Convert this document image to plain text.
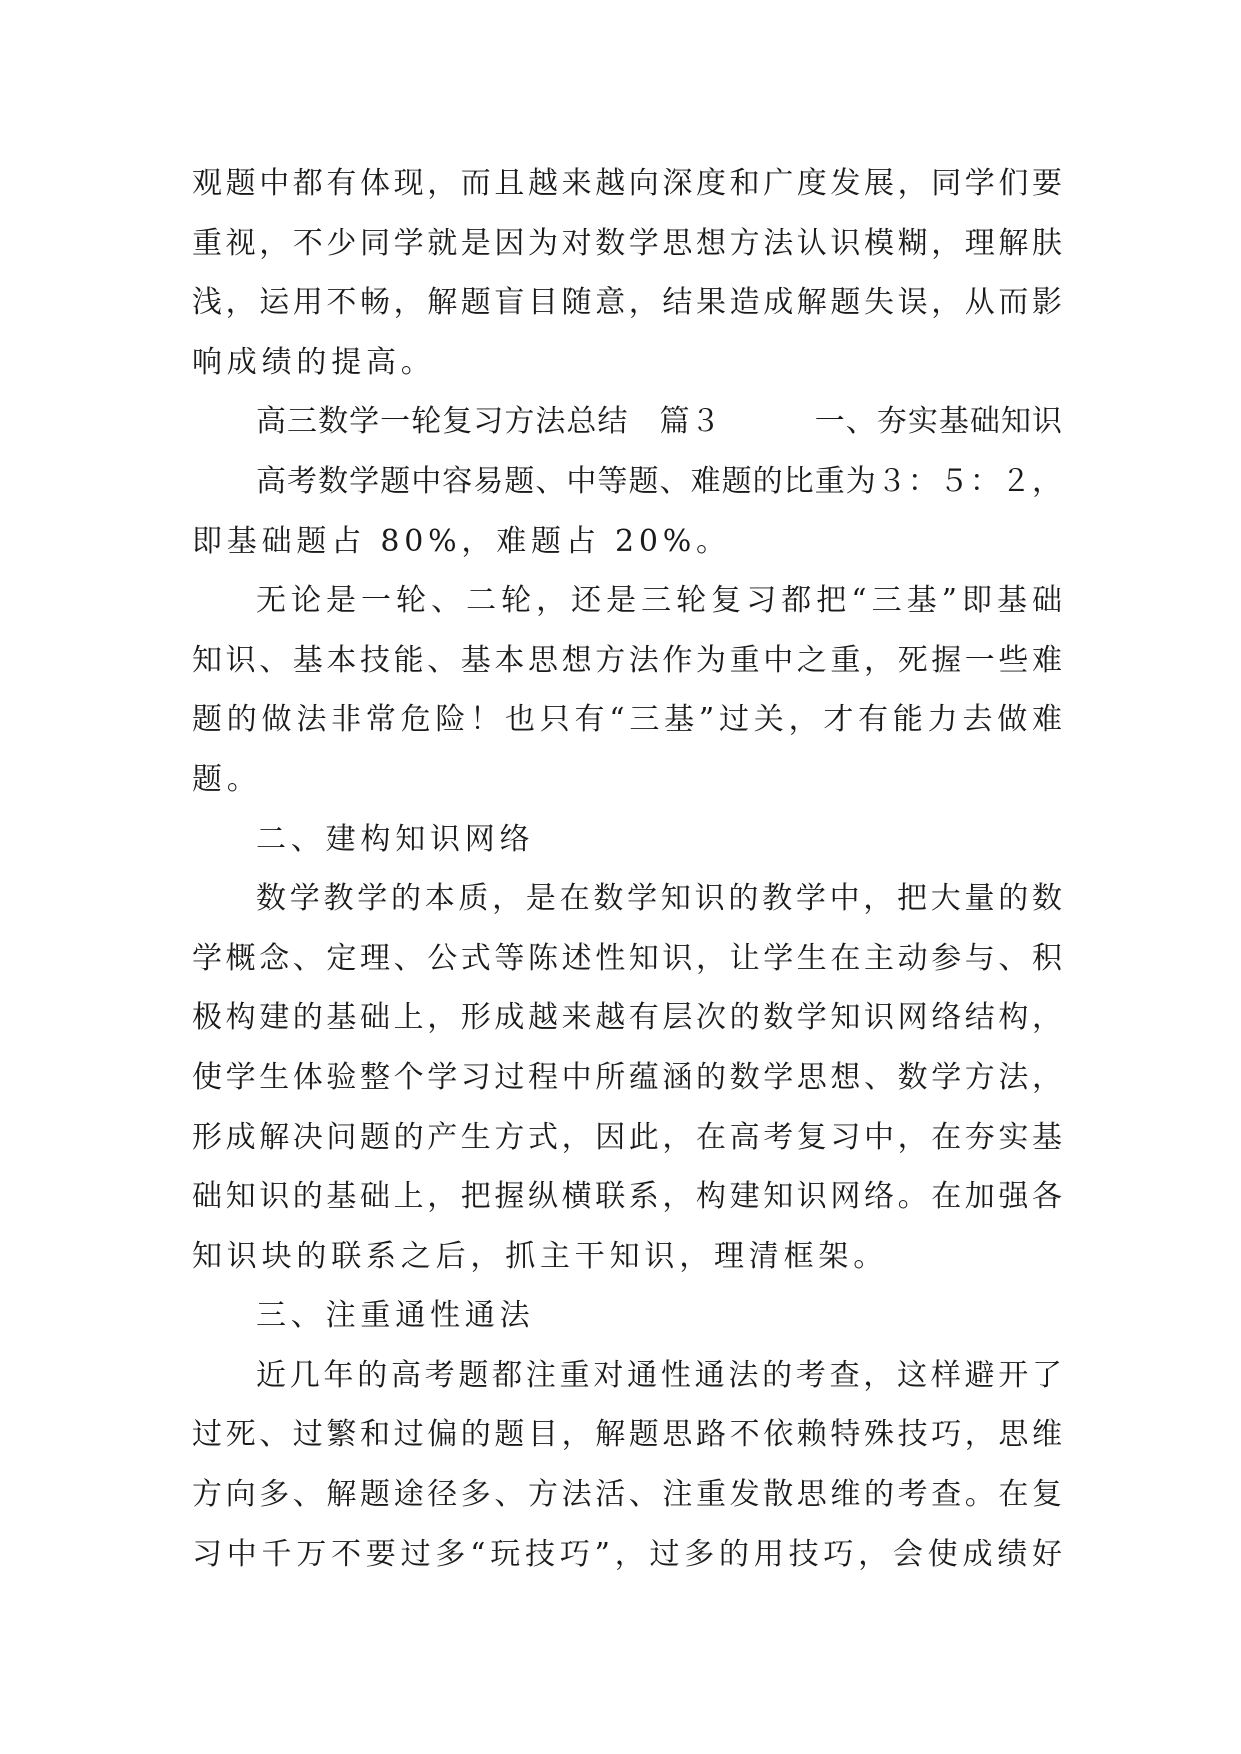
观题中都有体现，而且越来越向深度和广度发展，同学们要
重视，不少同学就是因为对数学思想方法认识模糊，理解肤
浅，运用不畅，解题盲目随意，结果造成解题失误，从而影
响成绩的提高。
高三数学一轮复习方法总结　篇３　　　一、夯实基础知识
高考数学题中容易题、中等题、难题的比重为３：５：２，
即基础题占 80%，难题占 20%。
无论是一轮、二轮，还是三轮复习都把“三基”即基础
知识、基本技能、基本思想方法作为重中之重，死握一些难
题的做法非常危险！也只有“三基”过关，才有能力去做难
题。
二、建构知识网络
数学教学的本质，是在数学知识的教学中，把大量的数
学概念、定理、公式等陈述性知识，让学生在主动参与、积
极构建的基础上，形成越来越有层次的数学知识网络结构，
使学生体验整个学习过程中所蕴涵的数学思想、数学方法，
形成解决问题的产生方式，因此，在高考复习中，在夯实基
础知识的基础上，把握纵横联系，构建知识网络。在加强各
知识块的联系之后，抓主干知识，理清框架。
三、注重通性通法
近几年的高考题都注重对通性通法的考查，这样避开了
过死、过繁和过偏的题目，解题思路不依赖特殊技巧，思维
方向多、解题途径多、方法活、注重发散思维的考查。在复
习中千万不要过多“玩技巧”，过多的用技巧，会使成绩好
